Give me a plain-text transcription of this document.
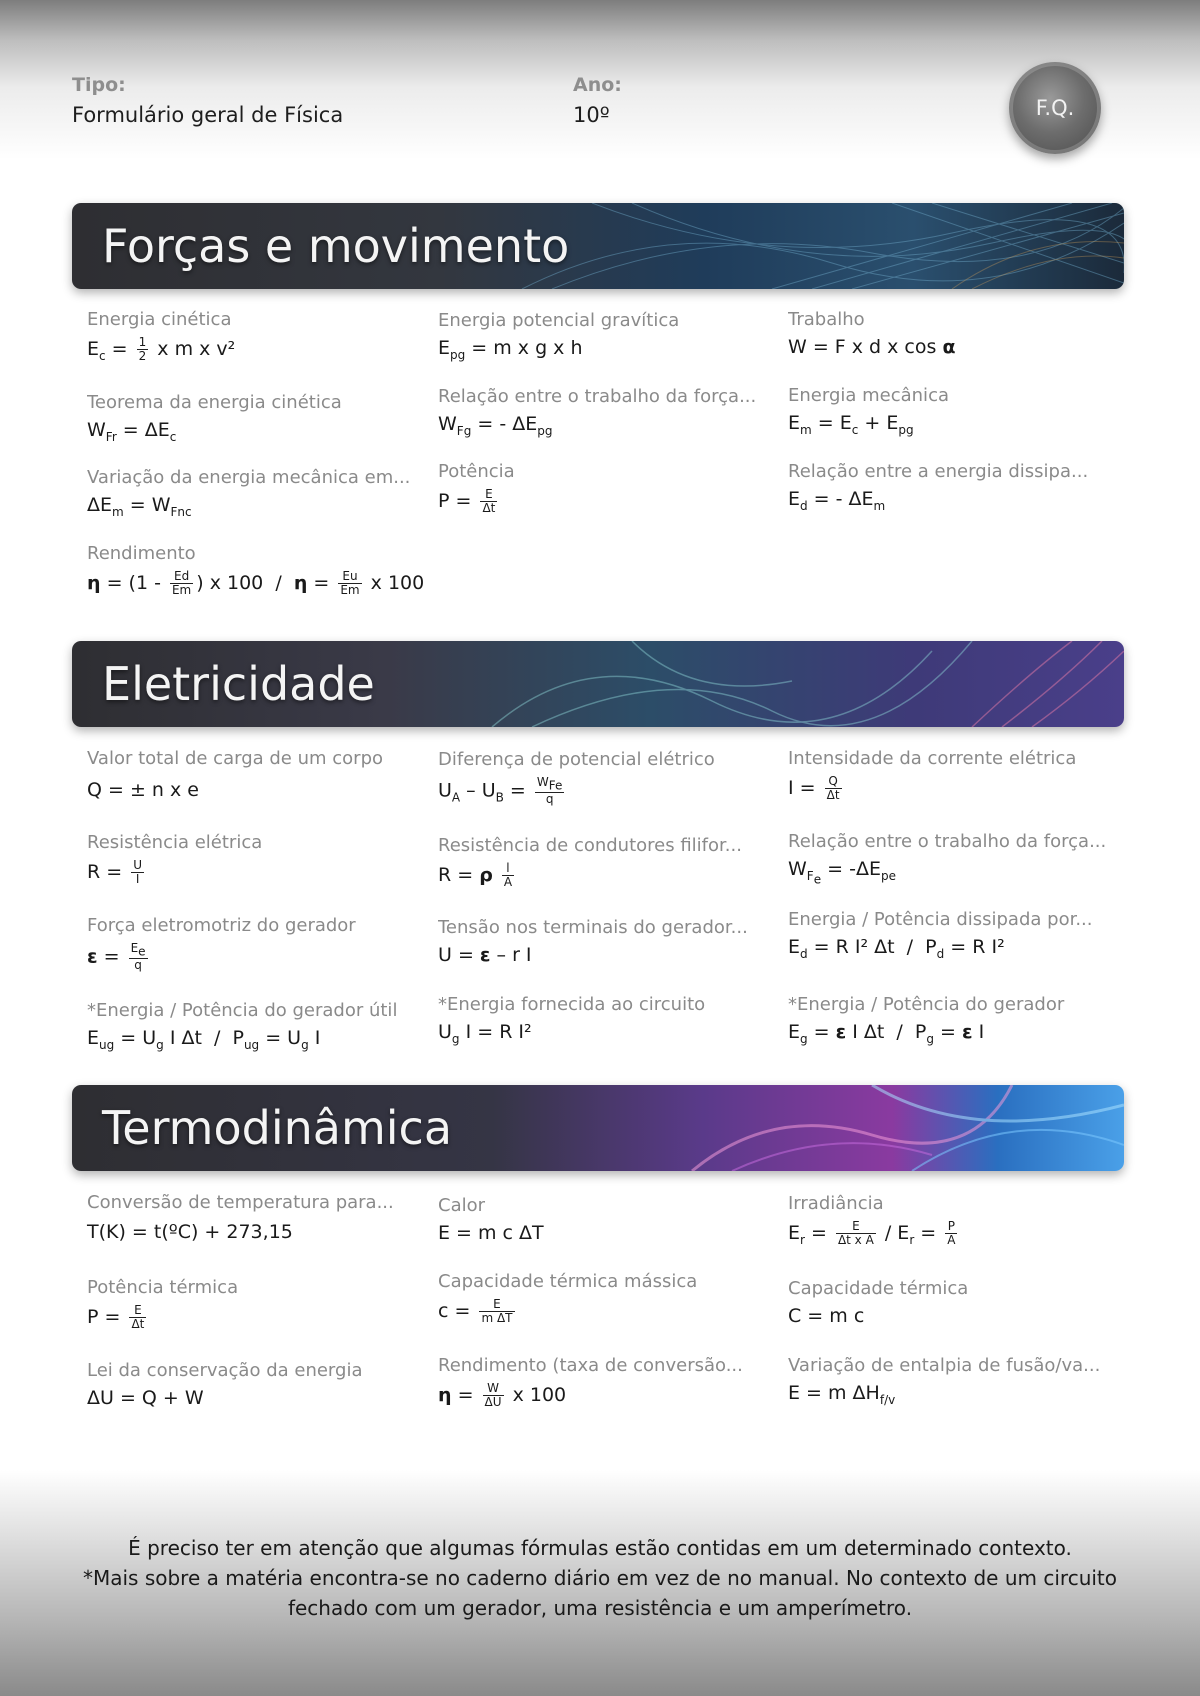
Tipo:
Formulário geral de Física
Ano:
10º	F.Q.
Forças e movimento
Energia cinética
$E_c = \frac{1}{2}$ x m x v²
Energia potencial gravítica
$E_{pg} = m$ x g x h
Trabalho
W = F x d x cos α
Teorema da energia cinética
$W_{Fr} = \Delta E_c$
Relação entre o trabalho da força...
$W_{Fg}$ = - $\Delta E_{pg}$
Energia mecânica
$E_m = E_c + E_{pg}$
Variação da energia mecânica em...
$\Delta E_m = W_{Fnc}$
Potência
$P = \frac{E}{\Delta t}$
Relação entre a energia dissipa...
$E_d$ = - $\Delta E_m$
Rendimento
$\eta = (1 - \frac{Ed}{Em}$ ) x $100 / \eta = \frac{Eu}{Em}$ x 100
Eletricidade
Valor total de carga de um corpo
Q = ± n x e
Diferença de potencial elétrico
$U_A - U_B = \frac{W_{Fe}}{q}$
Intensidade da corrente elétrica
$I = \frac{Q}{\Delta t}$
Resistência elétrica
$R = \frac{U}{I}$
Resistência de condutores filifor...
R = ρ $\frac{l}{A}$
Relação entre o trabalho da força...
$W_{F_e} = -\Delta E_{pe}$
Força eletromotriz do gerador
$\varepsilon = \frac{E_e}{q}$
Tensão nos terminais do gerador...
U = ε – r I
Energia / Potência dissipada por...
$E_d = R$ I² $\Delta t / P_d = R$ I²
*Energia / Potência do gerador útil
$E_{ug} = U_g$ I $\Delta t / P_{ug} = U_g$ I
*Energia fornecida ao circuito
$U_g$ I = R I²
*Energia / Potência do gerador
$E_g = \varepsilon$ I $\Delta t / P_g = \varepsilon$ I
Termodinâmica
Conversão de temperatura para...
T(K) = t(ºC) + 273,15
Calor
E = m c ΔT
Irradiância
$E_r = \frac{E}{\text{Δt x A}} / E_r = \frac{P}{A}$
Potência térmica
$P = \frac{E}{\Delta t}$
Capacidade térmica mássica
$c = \frac{E}{\text{m ΔT}}$
Capacidade térmica
C = m c
Lei da conservação da energia
ΔU = Q + W
Rendimento (taxa de conversão...
$\eta = \frac{W}{\Delta U}$ x 100
Variação de entalpia de fusão/va...
E = m $\Delta H_{f/v}$
É preciso ter em atenção que algumas fórmulas estão contidas em um determinado contexto.
*Mais sobre a matéria encontra-se no caderno diário em vez de no manual. No contexto de um circuito
fechado com um gerador, uma resistência e um amperímetro.
